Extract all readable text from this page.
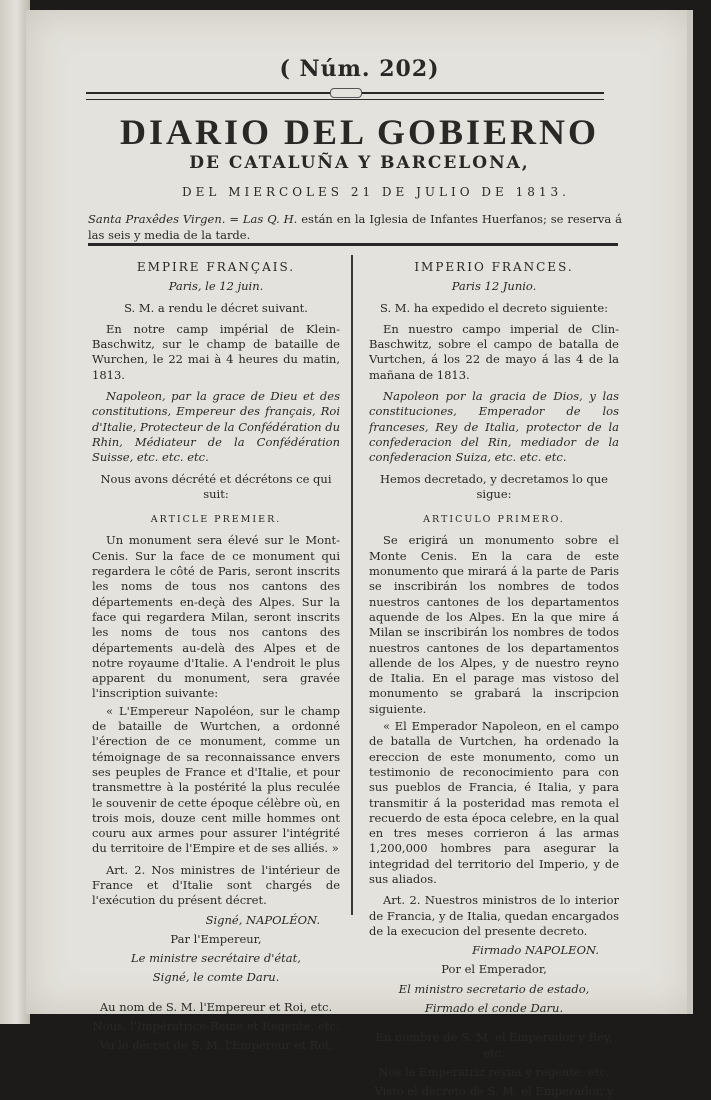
( Núm. 202)
DIARIO DEL GOBIERNO
DE CATALUÑA Y BARCELONA,
DEL MIERCOLES 21 DE JULIO DE 1813.
Santa Praxêdes Virgen. = Las Q. H. están en la Iglesia de Infantes Huerfanos; se reserva á las seis y media de la tarde.
EMPIRE FRANÇAIS.
Paris, le 12 juin.

S. M. a rendu le décret suivant.

En notre camp impérial de Klein-Baschwitz, sur le champ de bataille de Wurchen, le 22 mai à 4 heures du matin, 1813.

Napoleon, par la grace de Dieu et des constitutions, Empereur des français, Roi d'Italie, Protecteur de la Confédération du Rhin, Médiateur de la Confédération Suisse, etc. etc. etc.

Nous avons décrété et décrétons ce qui suit:

ARTICLE PREMIER.

Un monument sera élevé sur le Mont-Cenis. Sur la face de ce monument qui regardera le côté de Paris, seront inscrits les noms de tous nos cantons des départements en-deçà des Alpes. Sur la face qui regardera Milan, seront inscrits les noms de tous nos cantons des départements au-delà des Alpes et de notre royaume d'Italie. A l'endroit le plus apparent du monument, sera gravée l'inscription suivante:

« L'Empereur Napoléon, sur le champ de bataille de Wurtchen, a ordonné l'érection de ce monument, comme un témoignage de sa reconnaissance envers ses peuples de France et d'Italie, et pour transmettre à la postérité la plus reculée le souvenir de cette époque célèbre où, en trois mois, douze cent mille hommes ont couru aux armes pour assurer l'intégrité du territoire de l'Empire et de ses alliés. »

Art. 2. Nos ministres de l'intérieur de France et d'Italie sont chargés de l'exécution du présent décret.

Signé, NAPOLÉON.
Par l'Empereur,
Le ministre secrétaire d'état,
Signé, le comte Daru.
Au nom de S. M. l'Empereur et Roi, etc.
Nous, l'Impératrice-Reine et Régente, etc.
Vu le décret de S. M. l'Empereur et Roi,
IMPERIO FRANCES.
Paris 12 Junio.

S. M. ha expedido el decreto siguiente:

En nuestro campo imperial de Clin-Baschwitz, sobre el campo de batalla de Vurtchen, á los 22 de mayo á las 4 de la mañana de 1813.

Napoleon por la gracia de Dios, y las constituciones, Emperador de los franceses, Rey de Italia, protector de la confederacion del Rin, mediador de la confederacion Suiza, etc. etc. etc.

Hemos decretado, y decretamos lo que sigue:

ARTICULO PRIMERO.

Se erigirá un monumento sobre el Monte Cenis. En la cara de este monumento que mirará á la parte de Paris se inscribirán los nombres de todos nuestros cantones de los departamentos aquende de los Alpes. En la que mire á Milan se inscribirán los nombres de todos nuestros cantones de los departamentos allende de los Alpes, y de nuestro reyno de Italia. En el parage mas vistoso del monumento se grabará la inscripcion siguiente.

« El Emperador Napoleon, en el campo de batalla de Vurtchen, ha ordenado la ereccion de este monumento, como un testimonio de reconocimiento para con sus pueblos de Francia, é Italia, y para transmitir á la posteridad mas remota el recuerdo de esta época celebre, en la qual en tres meses corrieron á las armas 1,200,000 hombres para asegurar la integridad del territorio del Imperio, y de sus aliados.

Art. 2. Nuestros ministros de lo interior de Francia, y de Italia, quedan encargados de la execucion del presente decreto.

Firmado NAPOLEON.
Por el Emperador,
El ministro secretario de estado,
Firmado el conde Daru.
En nombre de S. M. el Emperador y Rey, etc.
Nos la Emperatriz reyna y regente, etc.
Visto el decreto de S. M. el Emperador, y
